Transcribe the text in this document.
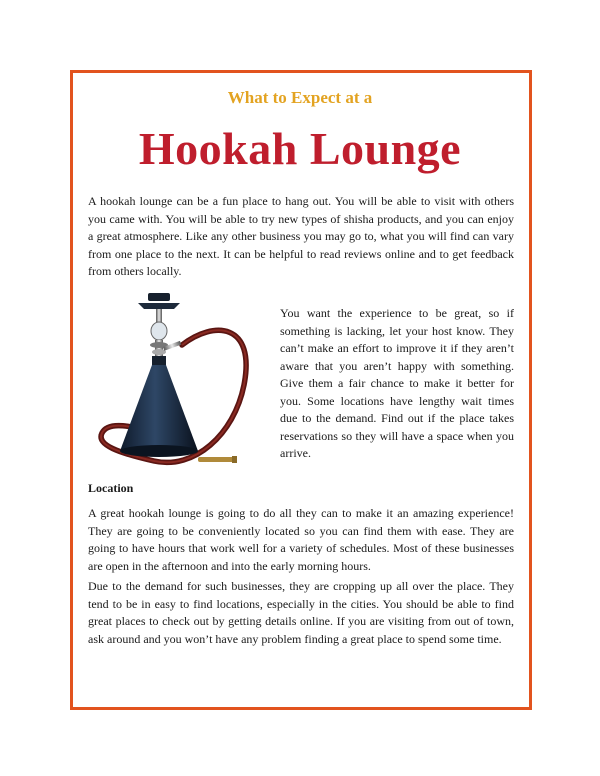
What to Expect at a
Hookah Lounge

A hookah lounge can be a fun place to hang out. You will be able to visit with others you came with. You will be able to try new types of shisha products, and you can enjoy a great atmosphere. Like any other business you may go to, what you will find can vary from one place to the next. It can be helpful to read reviews online and to get feedback from others locally.

You want the experience to be great, so if something is lacking, let your host know. They can’t make an effort to improve it if they aren’t aware that you aren’t happy with something. Give them a fair chance to make it better for you. Some locations have lengthy wait times due to the demand. Find out if the place takes reservations so they will have a space when you arrive.

Location

A great hookah lounge is going to do all they can to make it an amazing experience! They are going to be conveniently located so you can find them with ease. They are going to have hours that work well for a variety of schedules. Most of these businesses are open in the afternoon and into the early morning hours.

Due to the demand for such businesses, they are cropping up all over the place. They tend to be in easy to find locations, especially in the cities. You should be able to find great places to check out by getting details online. If you are visiting from out of town, ask around and you won’t have any problem finding a great place to spend some time.
